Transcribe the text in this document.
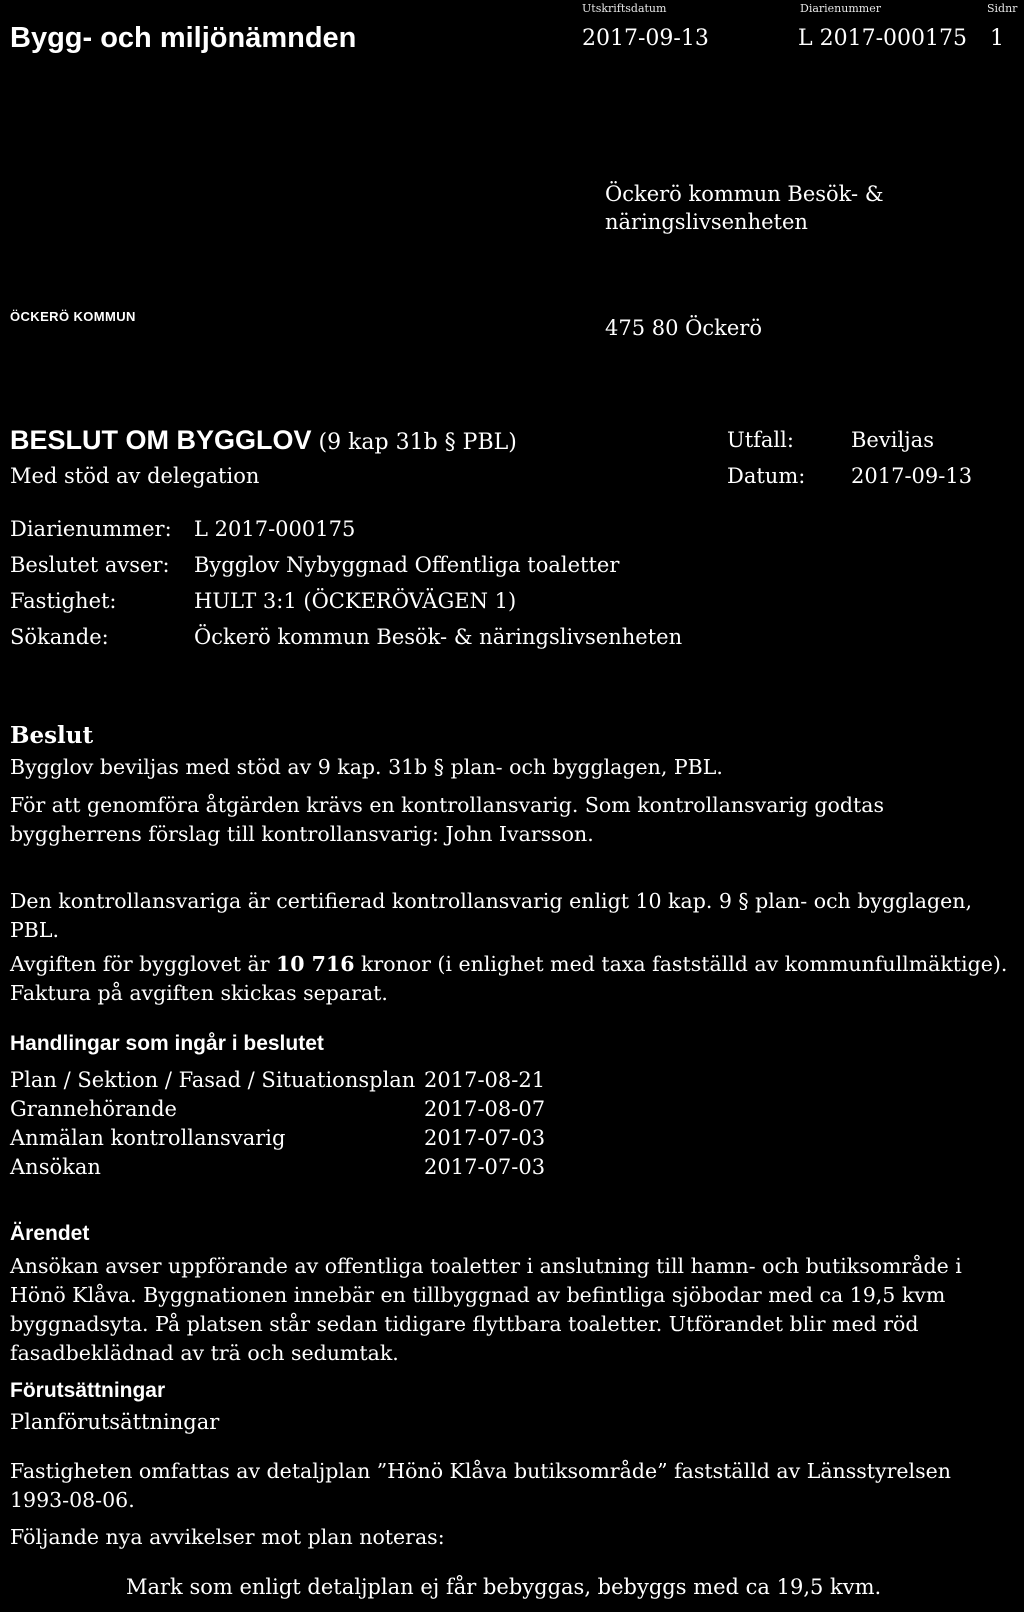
Bygg- och miljönämnden
Utskriftsdatum	Diarienummer	Sidnr
2017-09-13	L 2017-000175 1
Öckerö kommun Besök- &
näringslivsenheten
ÖCKERÖ KOMMUN	475 80 Öckerö
BESLUT OM BYGGLOV (9 kap 31b § PBL)
Med stöd av delegation
Utfall:	Beviljas
Datum: 2017-09-13
Diarienummer: L 2017-000175
Beslutet avser: Bygglov Nybyggnad Offentliga toaletter
Fastighet:	HULT 3:1 (ÖCKERÖVÄGEN 1)
Sökande:	Öckerö kommun Besök- & näringslivsenheten
Beslut

Bygglov beviljas med stöd av 9 kap. 31b § plan- och bygglagen, PBL.

För att genomföra åtgärden krävs en kontrollansvarig. Som kontrollansvarig godtas byggherrens förslag till kontrollansvarig: John Ivarsson.

Den kontrollansvariga är certifierad kontrollansvarig enligt 10 kap. 9 § plan- och bygglagen, PBL.

Avgiften för bygglovet är 10 716 kronor (i enlighet med taxa fastställd av kommunfullmäktige). Faktura på avgiften skickas separat.

Handlingar som ingår i beslutet
Plan / Sektion / Fasad / Situationsplan 2017-08-21
Grannehörande	2017-08-07
Anmälan kontrollansvarig	2017-07-03
Ansökan	2017-07-03
Ärendet

Ansökan avser uppförande av offentliga toaletter i anslutning till hamn- och butiksområde i Hönö Klåva. Byggnationen innebär en tillbyggnad av befintliga sjöbodar med ca 19,5 kvm byggnadsyta. På platsen står sedan tidigare flyttbara toaletter. Utförandet blir med röd fasadbeklädnad av trä och sedumtak.

Förutsättningar
Planförutsättningar

Fastigheten omfattas av detaljplan ”Hönö Klåva butiksområde” fastställd av Länsstyrelsen 1993-08-06.

Följande nya avvikelser mot plan noteras:

Mark som enligt detaljplan ej får bebyggas, bebyggs med ca 19,5 kvm.
